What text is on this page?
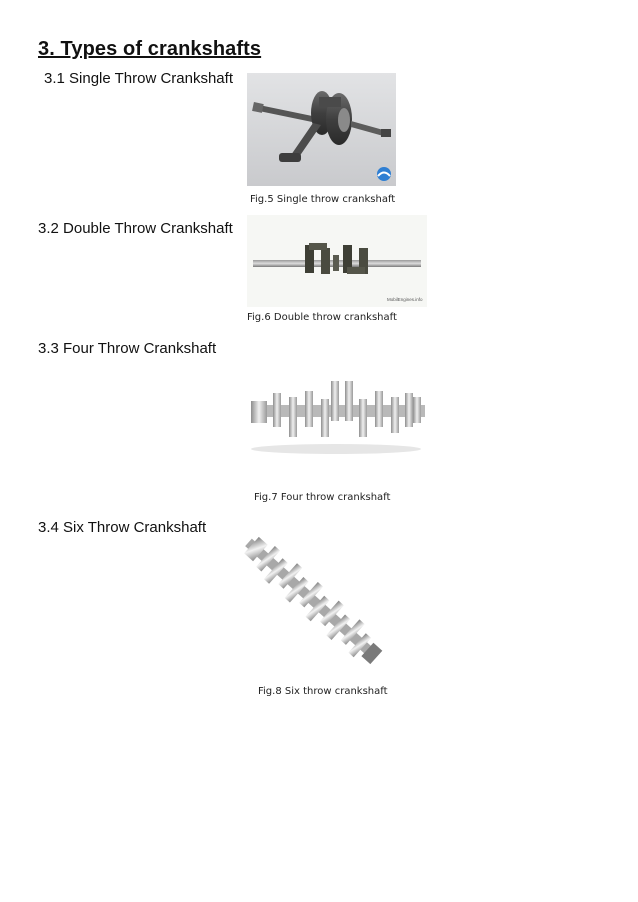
3. Types of crankshafts
3.1 Single Throw Crankshaft
Fig.5 Single throw crankshaft
3.2 Double Throw Crankshaft
MobilEngines.info
Fig.6 Double throw crankshaft
3.3 Four Throw Crankshaft
Fig.7 Four throw crankshaft
3.4 Six Throw Crankshaft
Fig.8 Six throw crankshaft
